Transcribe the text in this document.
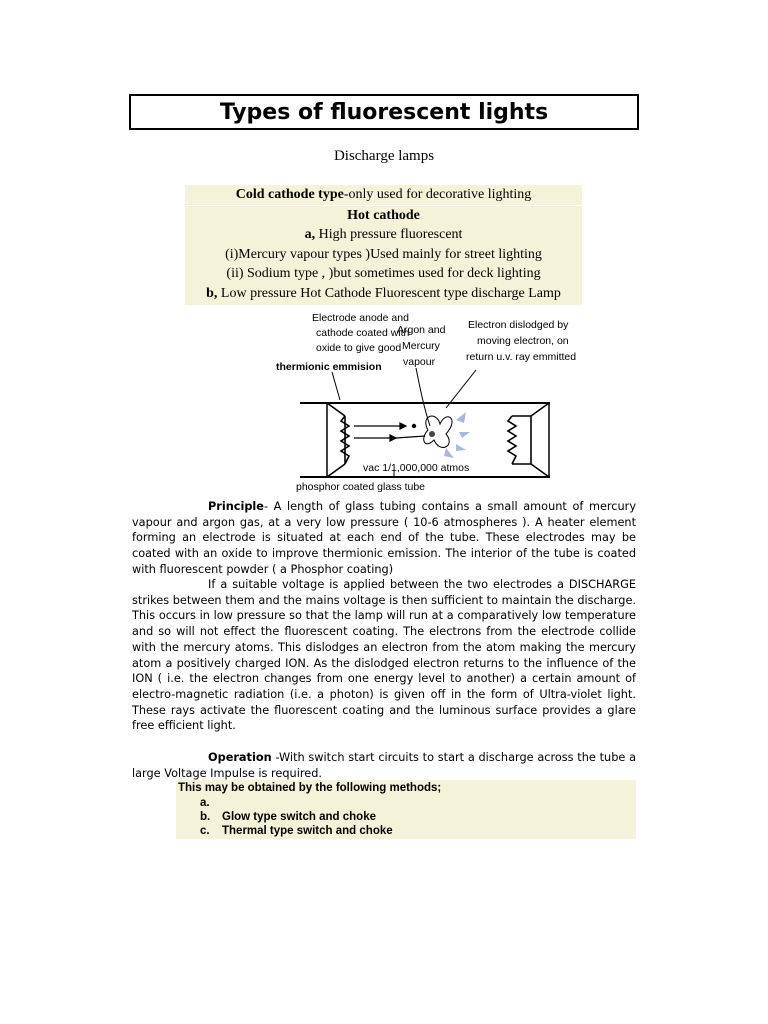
Types of fluorescent lights
Discharge lamps
Cold cathode type-only used for decorative lighting
Hot cathode
a, High pressure fluorescent
(i)Mercury vapour types )Used mainly for street lighting
(ii) Sodium type , )but sometimes used for deck lighting
b, Low pressure Hot Cathode Fluorescent type discharge Lamp
Electrode anode and
cathode coated with
oxide to give good
thermionic emmision
Argon and
Mercury
vapour
Electron dislodged by
moving electron, on
return u.v. ray emmitted
vac 1/1,000,000 atmos
phosphor coated glass tube
Principle- A length of glass tubing contains a small amount of mercury vapour and argon gas, at a very low pressure ( 10-6 atmospheres ). A heater element forming an electrode is situated at each end of the tube. These electrodes may be coated with an oxide to improve thermionic emission. The interior of the tube is coated with fluorescent powder ( a Phosphor coating)
If a suitable voltage is applied between the two electrodes a DISCHARGE strikes between them and the mains voltage is then sufficient to maintain the discharge. This occurs in low pressure so that the lamp will run at a comparatively low temperature and so will not effect the fluorescent coating. The electrons from the electrode collide with the mercury atoms. This dislodges an electron from the atom making the mercury atom a positively charged ION. As the dislodged electron returns to the influence of the ION ( i.e. the electron changes from one energy level to another) a certain amount of electro-magnetic radiation (i.e. a photon) is given off in the form of Ultra-violet light. These rays activate the fluorescent coating and the luminous surface provides a glare free efficient light.
Operation -With switch start circuits to start a discharge across the tube a large Voltage Impulse is required.
This may be obtained by the following methods;
a.
b. Glow type switch and choke
c. Thermal type switch and choke
